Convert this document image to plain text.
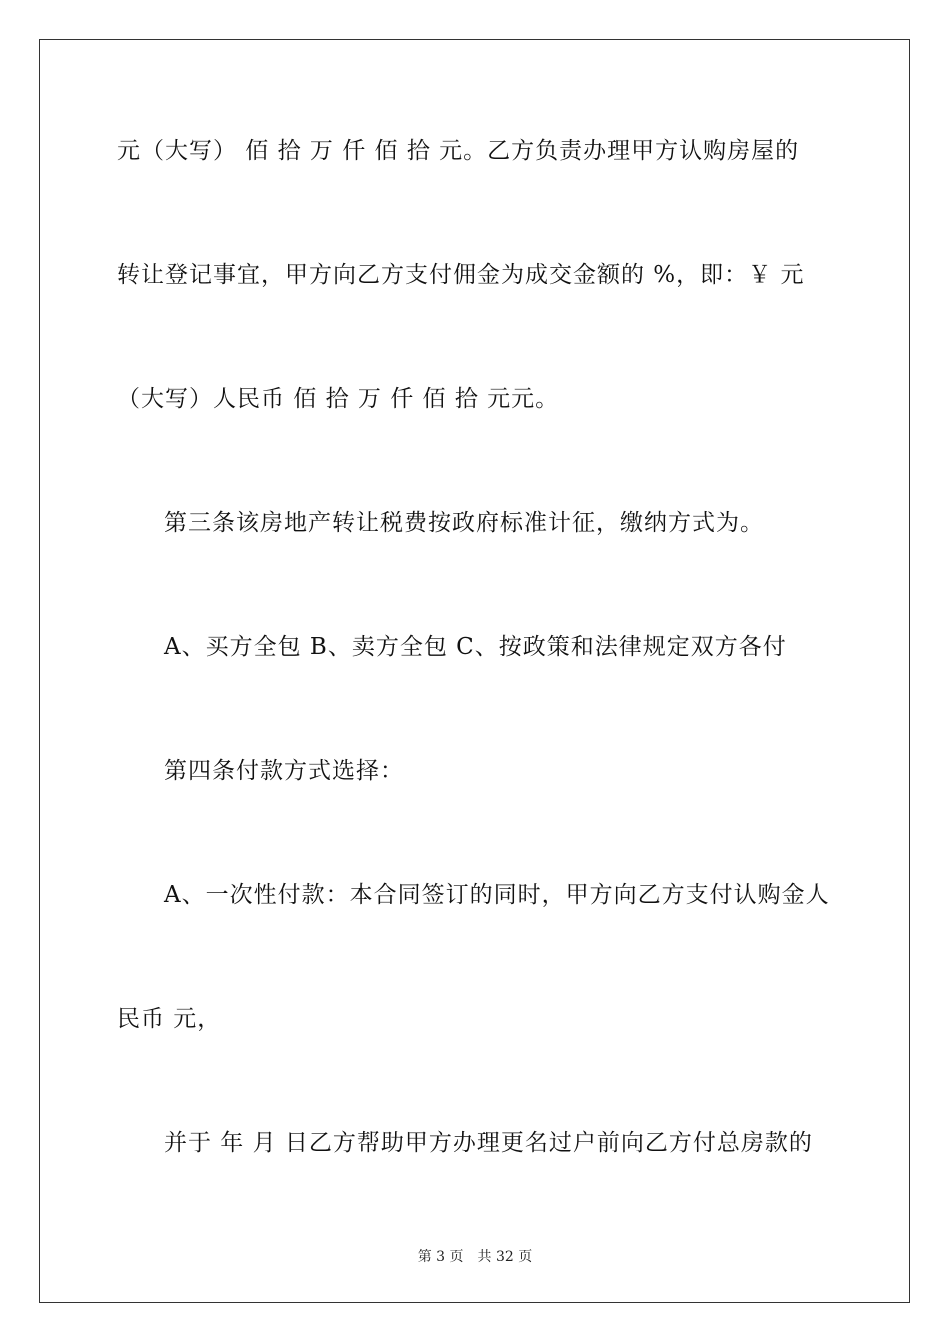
元（大写） 佰 拾 万 仟 佰 拾 元。乙方负责办理甲方认购房屋的

转让登记事宜，甲方向乙方支付佣金为成交金额的 %，即：￥ 元

（大写）人民币 佰 拾 万 仟 佰 拾 元元。

第三条该房地产转让税费按政府标准计征，缴纳方式为。

A、买方全包 B、卖方全包 C、按政策和法律规定双方各付

第四条付款方式选择：

A、一次性付款：本合同签订的同时，甲方向乙方支付认购金人

民币 元，

并于 年 月 日乙方帮助甲方办理更名过户前向乙方付总房款的

第 3 页　共 32 页
